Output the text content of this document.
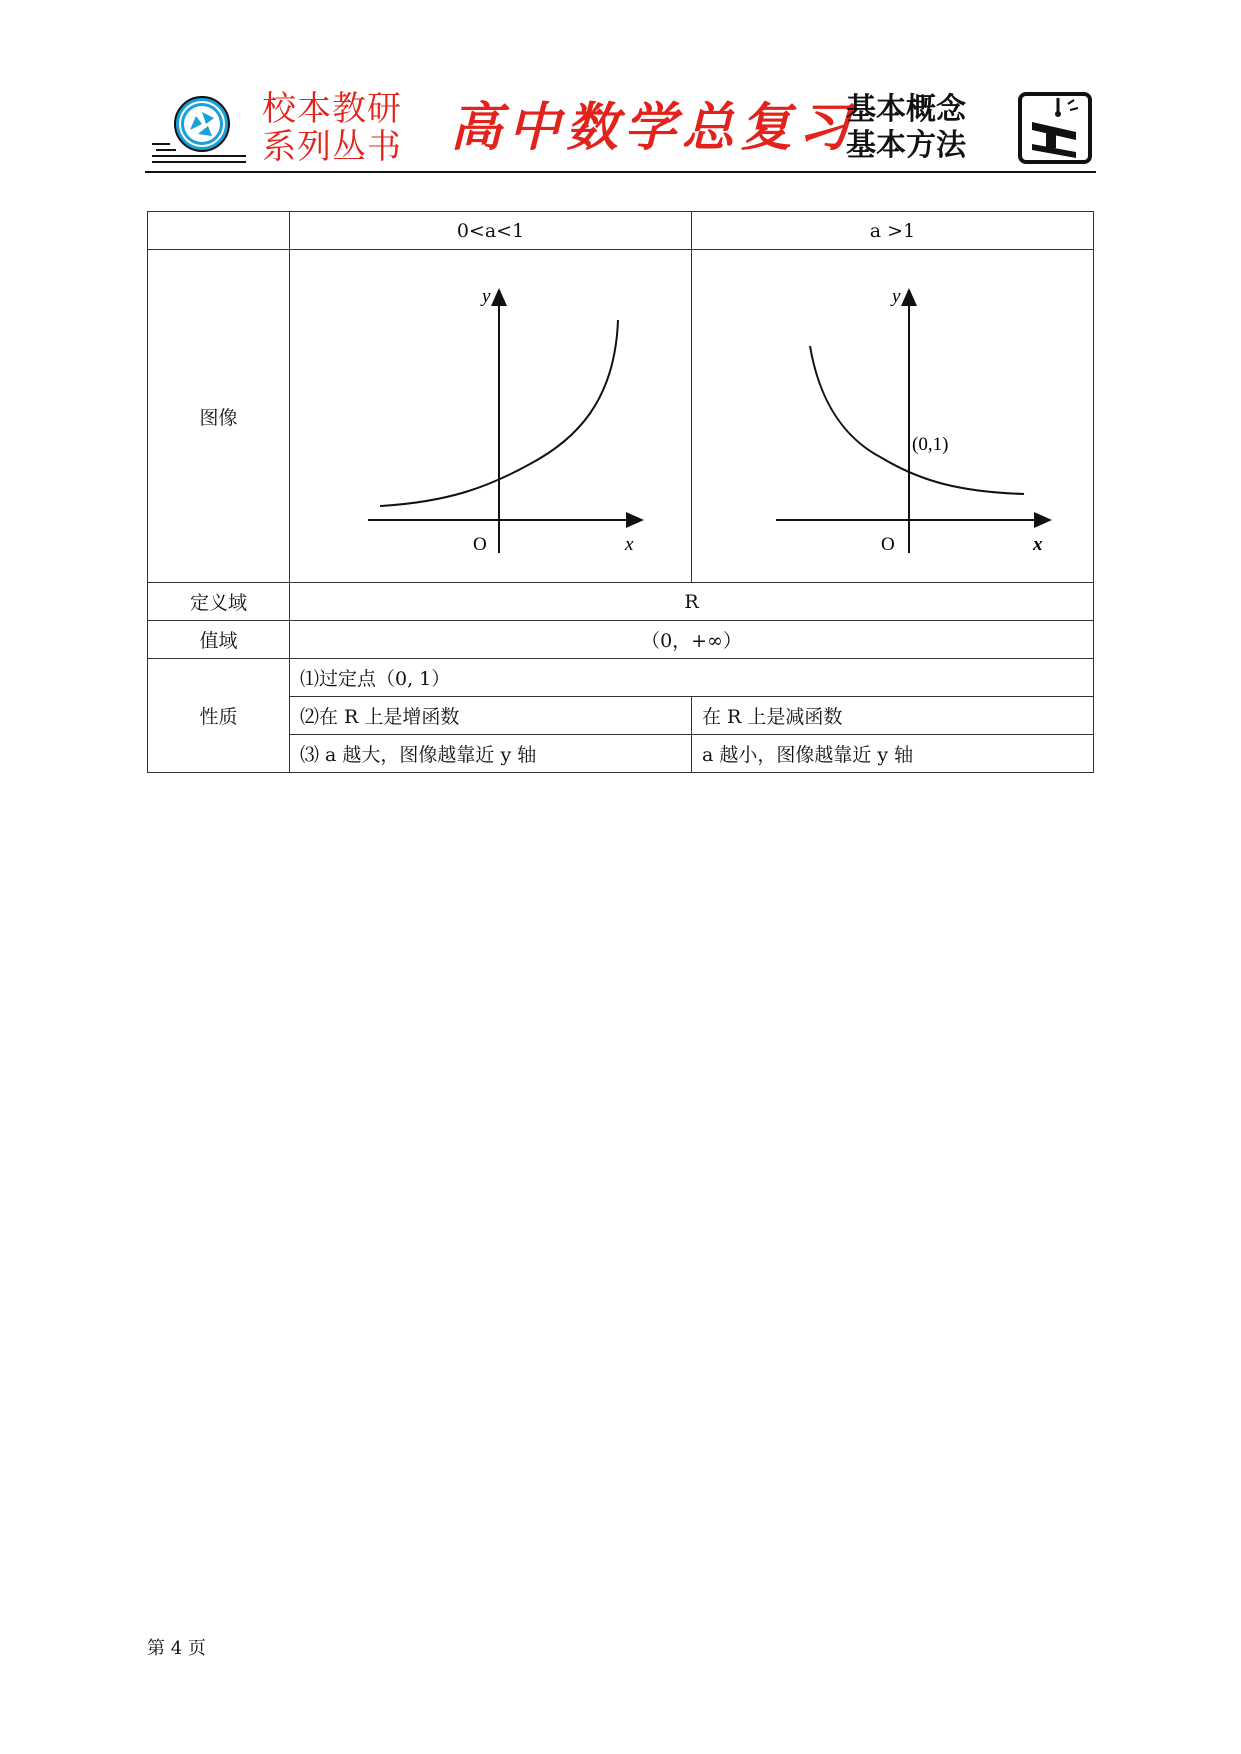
校本教研
系列丛书 高中数学总复习
基本概念
基本方法
	0<a<1	a >1
图像	y
x
O	y
x
O
(0,1)

定义域	R	
值域	（0，+∞）	
性质	⑴过定点（0, 1）	
	⑵在 R 上是增函数	在 R 上是减函数
	⑶ a 越大，图像越靠近 y 轴	a 越小，图像越靠近 y 轴
第 4 页
